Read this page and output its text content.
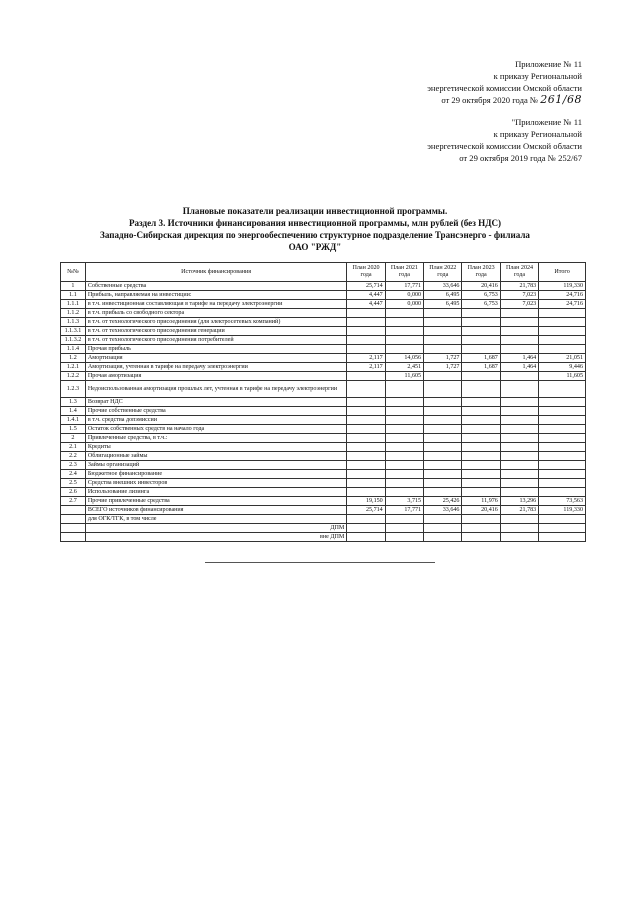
Приложение № 11
к приказу Региональной
энергетической комиссии Омской области
от 29 октября 2020 года № 261/68
"Приложение № 11
к приказу Региональной
энергетической комиссии Омской области
от 29 октября 2019 года № 252/67
Плановые показатели реализации инвестиционной программы.
Раздел 3. Источники финансирования инвестиционной программы, млн рублей (без НДС)
Западно-Сибирская дирекция по энергообеспечению структурное подразделение Трансэнерго - филиала
ОАО "РЖД"
№№	Источник финансирования	План 2020 года	План 2021 года	План 2022 года	План 2023 года	План 2024 года	Итого
1	Собственные средства	25,714	17,771	33,646	20,416	21,783	119,330
1.1	Прибыль, направляемая на инвестиции:	4,447	0,000	6,495	6,753	7,023	24,716
1.1.1	в т.ч. инвестиционная составляющая в тарифе на передачу электроэнергии	4,447	0,000	6,495	6,753	7,023	24,716
1.1.2	в т.ч. прибыль со свободного сектора						
1.1.3	в т.ч. от технологического присоединения (для электросетевых компаний)						
1.1.3.1	в т.ч. от технологического присоединения генерации						
1.1.3.2	в т.ч. от технологического присоединения потребителей						
1.1.4	Прочая прибыль						
1.2	Амортизация	2,117	14,056	1,727	1,687	1,464	21,051
1.2.1	Амортизация, учтенная в тарифе на передачу электроэнергии	2,117	2,451	1,727	1,687	1,464	9,446
1.2.2	Прочая амортизация		11,605				11,605
1.2.3	Недоиспользованная амортизация прошлых лет, учтенная в тарифе на передачу электроэнергии						
1.3	Возврат НДС						
1.4	Прочие собственные средства						
1.4.1	в т.ч. средства допэмиссии						
1.5	Остаток собственных средств на начало года						
2	Привлеченные средства, в т.ч.:						
2.1	Кредиты						
2.2	Облигационные займы						
2.3	Займы организаций						
2.4	Бюджетное финансирование						
2.5	Средства внешних инвесторов						
2.6	Использование лизинга						
2.7	Прочие привлеченные средства	19,150	3,715	25,426	11,976	13,296	73,563
	ВСЕГО источников финансирования	25,714	17,771	33,646	20,416	21,783	119,330
	для ОГК/ТГК, в том числе						
	ДПМ						
	вне ДПМ						
